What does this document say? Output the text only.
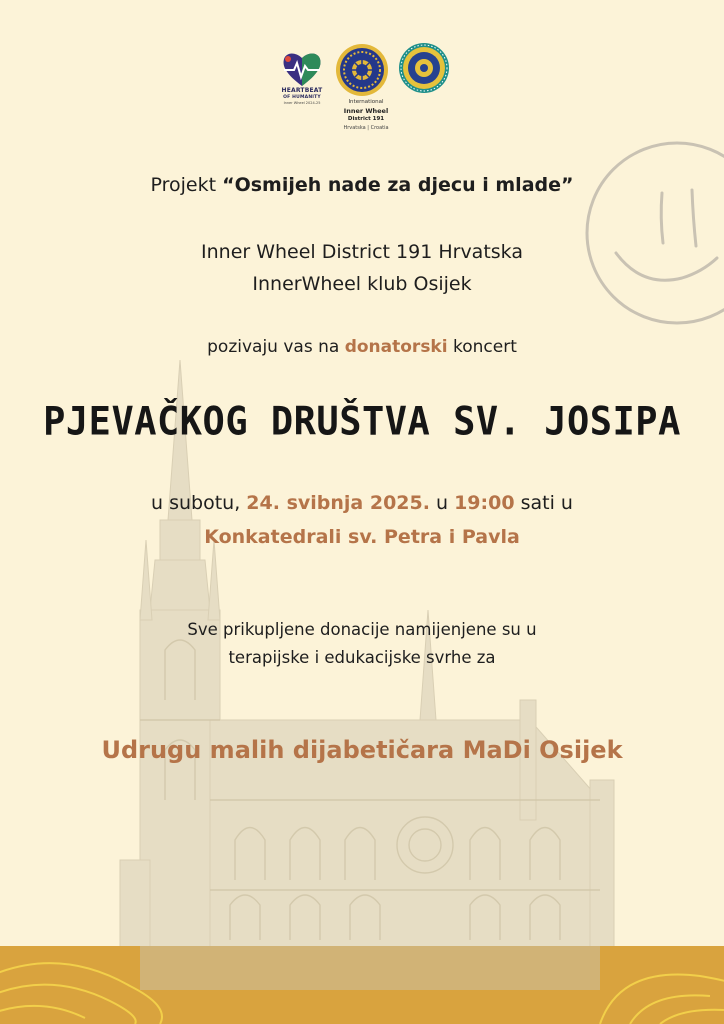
HEARTBEAT
OF HUMANITY
Inner Wheel 2024-25	International
Inner Wheel
District 191
Hrvatska | Croatia
Projekt “Osmijeh nade za djecu i mlade”
Inner Wheel District 191 Hrvatska
InnerWheel klub Osijek
pozivaju vas na donatorski koncert
PJEVAČKOG DRUŠTVA SV. JOSIPA
u subotu, 24. svibnja 2025. u 19:00 sati u
Konkatedrali sv. Petra i Pavla
Sve prikupljene donacije namijenjene su u
terapijske i edukacijske svrhe za
Udrugu malih dijabetičara MaDi Osijek
